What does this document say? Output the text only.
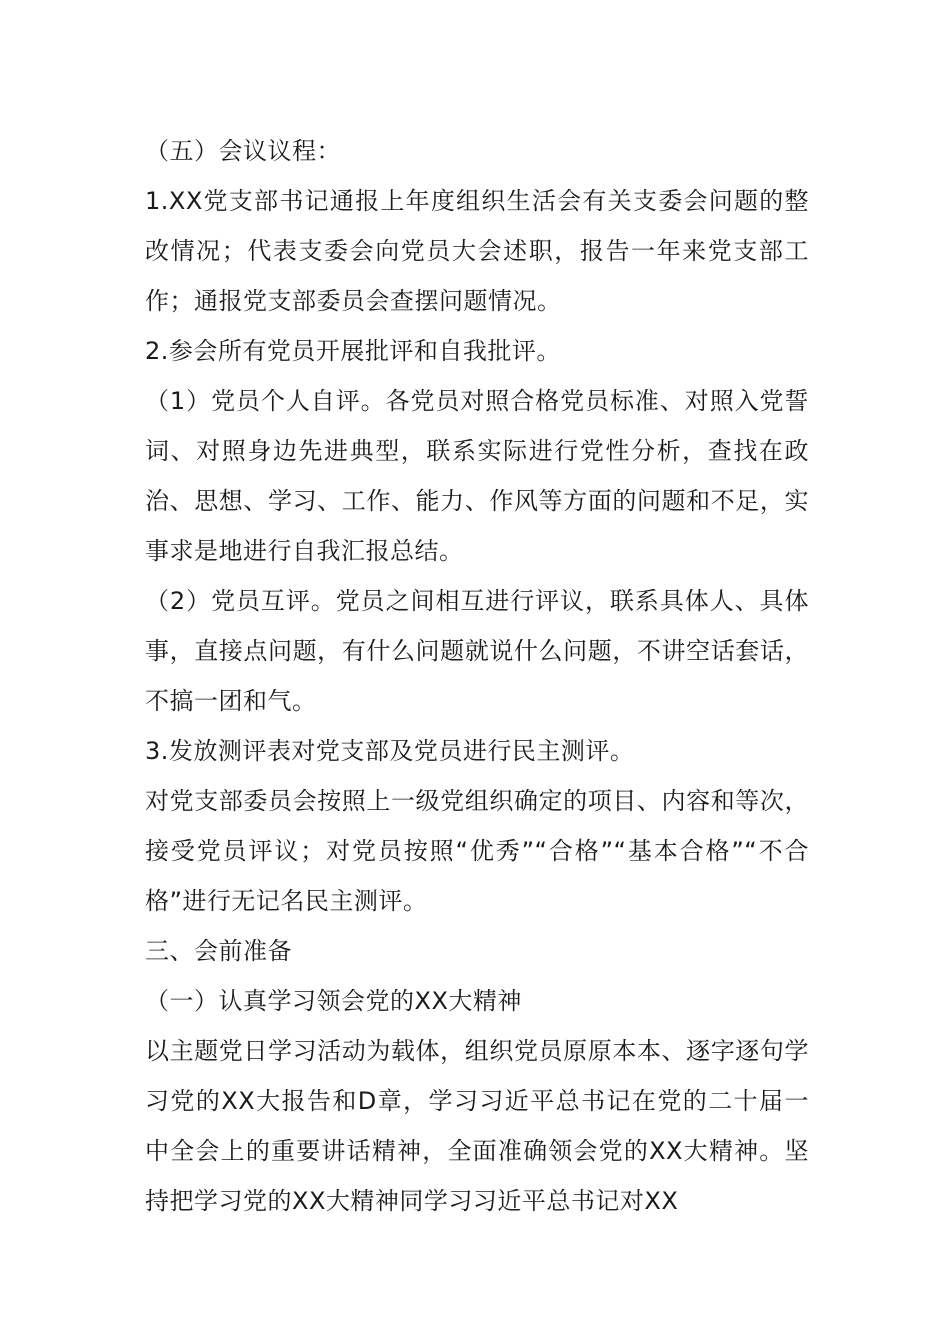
（五）会议议程：

1.XX党支部书记通报上年度组织生活会有关支委会问题的整改情况；代表支委会向党员大会述职，报告一年来党支部工作；通报党支部委员会查摆问题情况。

2.参会所有党员开展批评和自我批评。

（1）党员个人自评。各党员对照合格党员标准、对照入党誓词、对照身边先进典型，联系实际进行党性分析，查找在政治、思想、学习、工作、能力、作风等方面的问题和不足，实事求是地进行自我汇报总结。

（2）党员互评。党员之间相互进行评议，联系具体人、具体事，直接点问题，有什么问题就说什么问题，不讲空话套话，不搞一团和气。

3.发放测评表对党支部及党员进行民主测评。

对党支部委员会按照上一级党组织确定的项目、内容和等次，接受党员评议；对党员按照“优秀”“合格”“基本合格”“不合格”进行无记名民主测评。

三、会前准备

（一）认真学习领会党的XX大精神

以主题党日学习活动为载体，组织党员原原本本、逐字逐句学习党的XX大报告和D章，学习习近平总书记在党的二十届一中全会上的重要讲话精神，全面准确领会党的XX大精神。坚持把学习党的XX大精神同学习习近平总书记对XX
